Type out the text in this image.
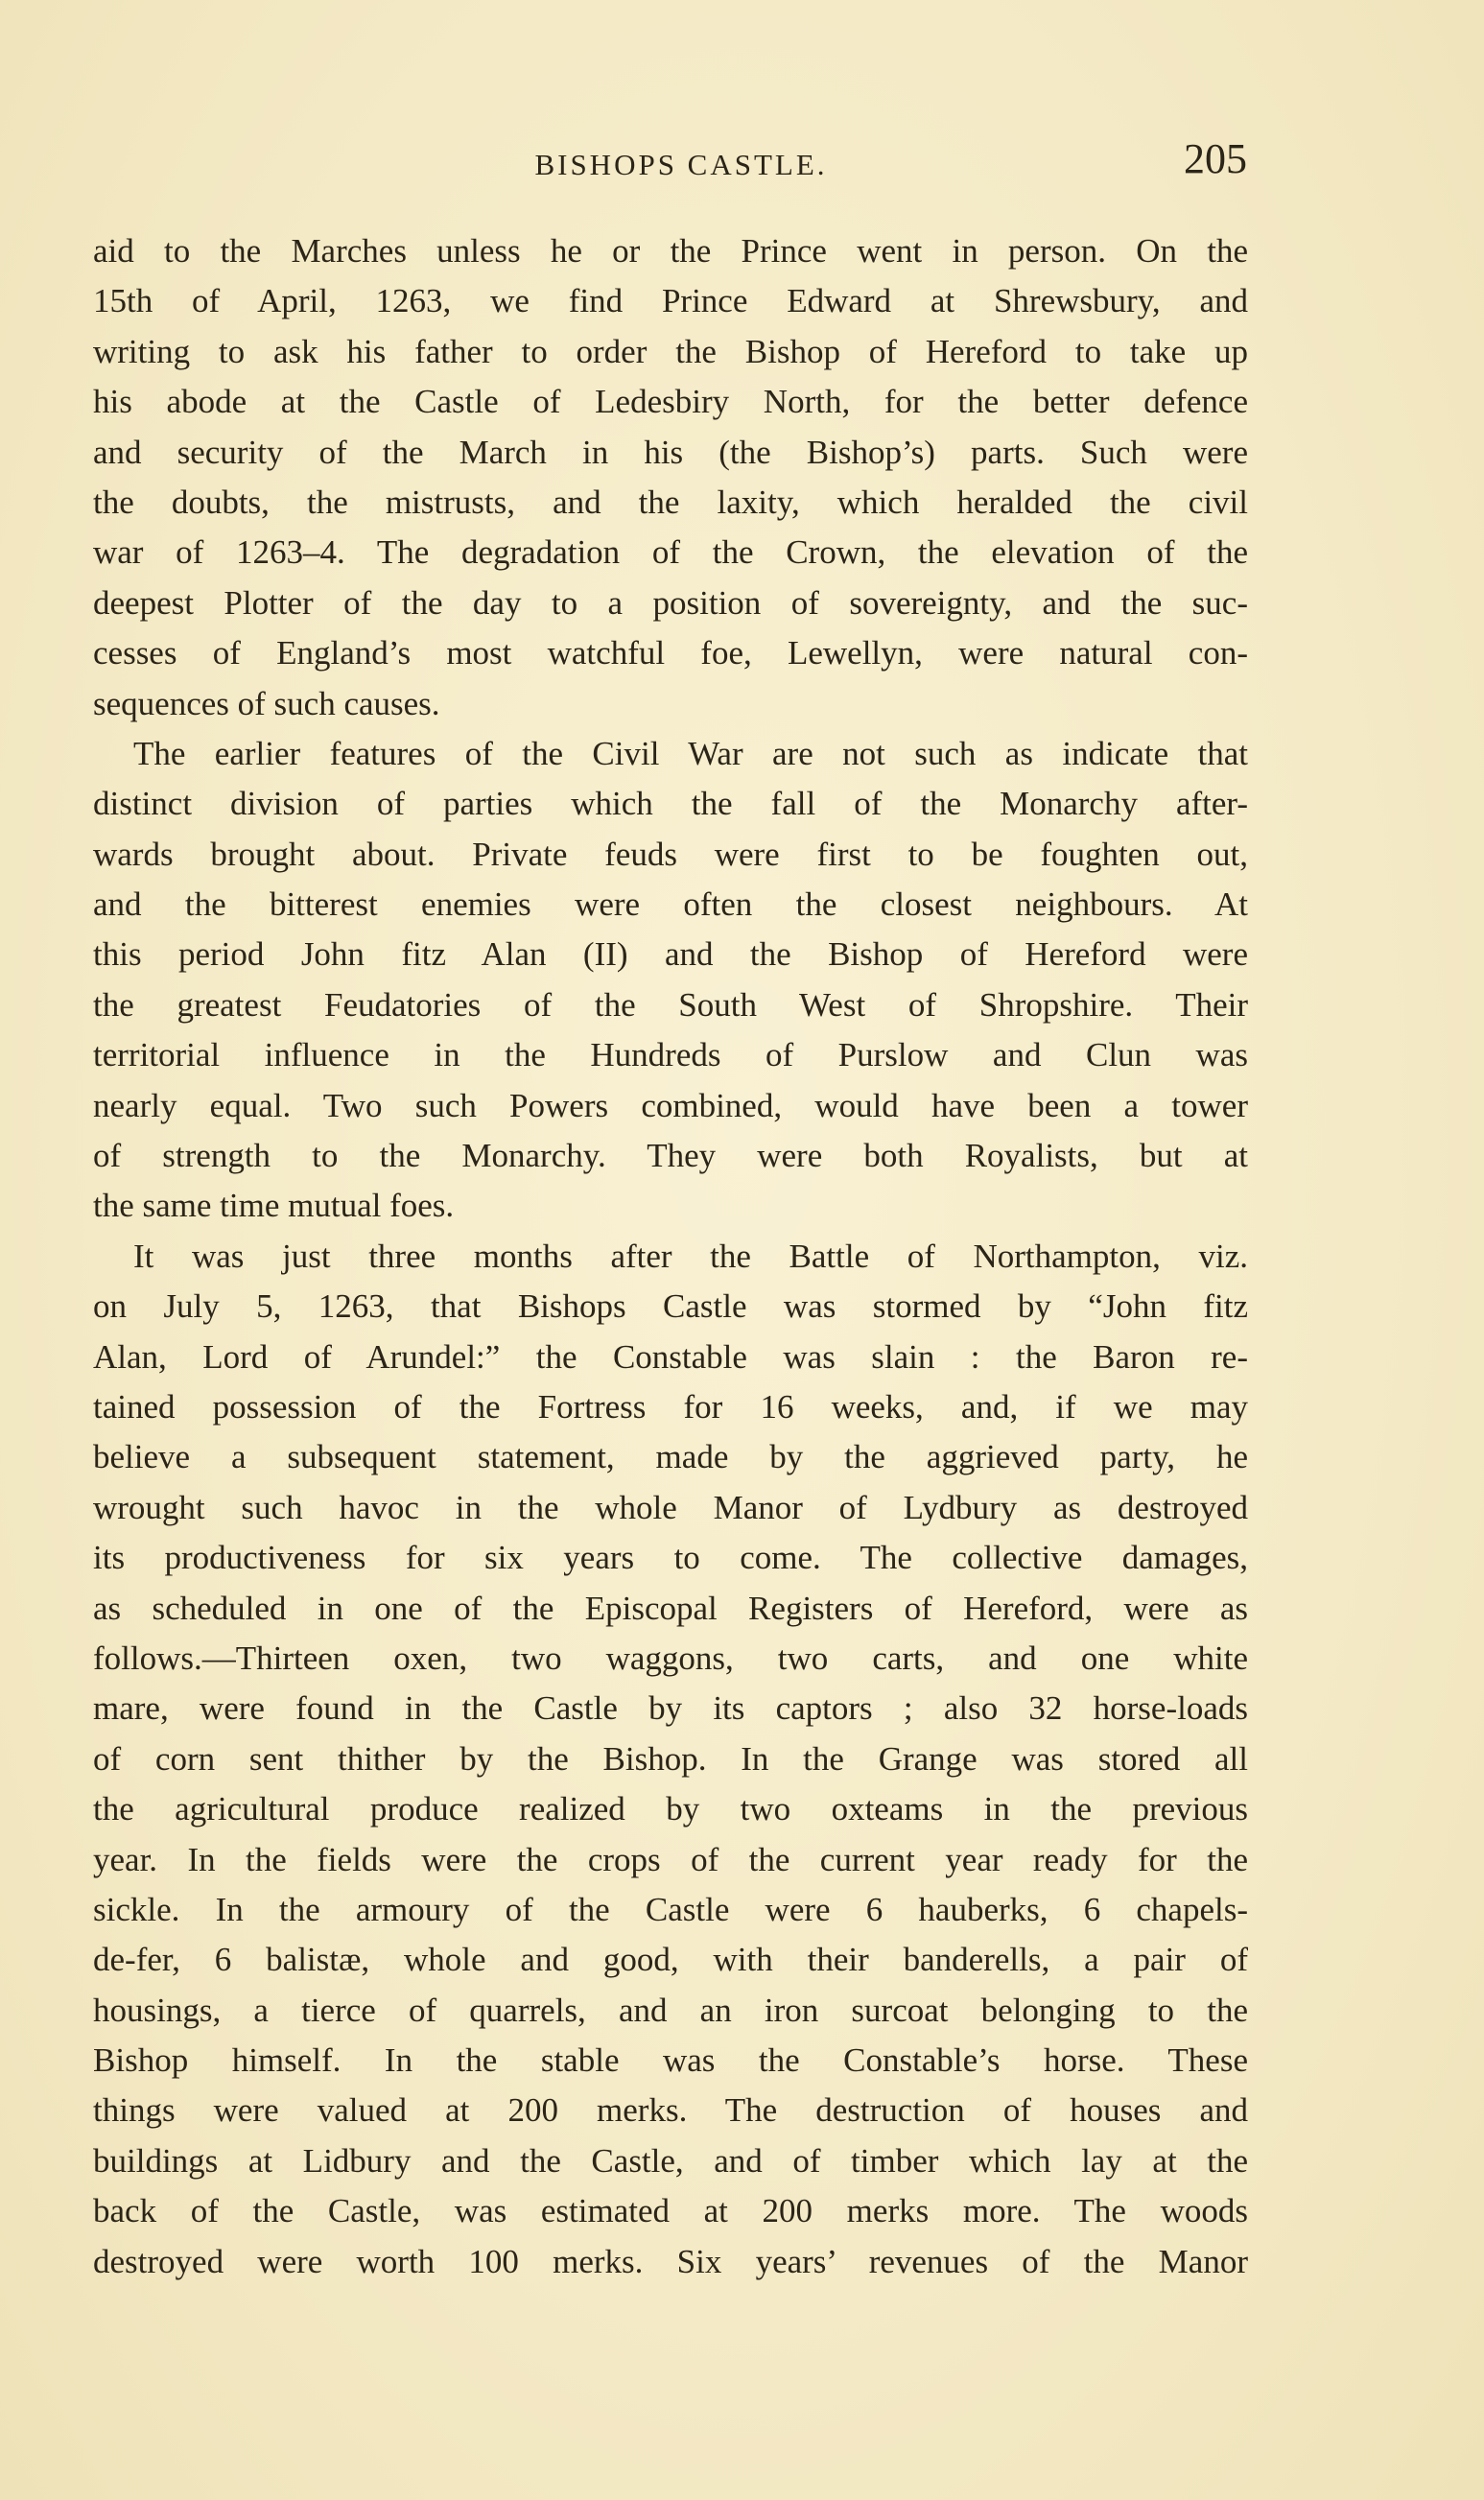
BISHOPS CASTLE.	205
aid to the Marches unless he or the Prince went in person. On the
15th of April, 1263, we find Prince Edward at Shrewsbury, and
writing to ask his father to order the Bishop of Hereford to take up
his abode at the Castle of Ledesbiry North, for the better defence
and security of the March in his (the Bishop’s) parts. Such were
the doubts, the mistrusts, and the laxity, which heralded the civil
war of 1263–4. The degradation of the Crown, the elevation of the
deepest Plotter of the day to a position of sovereignty, and the suc-
cesses of England’s most watchful foe, Lewellyn, were natural con-
sequences of such causes.
The earlier features of the Civil War are not such as indicate that
distinct division of parties which the fall of the Monarchy after-
wards brought about. Private feuds were first to be foughten out,
and the bitterest enemies were often the closest neighbours. At
this period John fitz Alan (II) and the Bishop of Hereford were
the greatest Feudatories of the South West of Shropshire. Their
territorial influence in the Hundreds of Purslow and Clun was
nearly equal. Two such Powers combined, would have been a tower
of strength to the Monarchy. They were both Royalists, but at
the same time mutual foes.
It was just three months after the Battle of Northampton, viz.
on July 5, 1263, that Bishops Castle was stormed by “John fitz
Alan, Lord of Arundel:” the Constable was slain : the Baron re-
tained possession of the Fortress for 16 weeks, and, if we may
believe a subsequent statement, made by the aggrieved party, he
wrought such havoc in the whole Manor of Lydbury as destroyed
its productiveness for six years to come. The collective damages,
as scheduled in one of the Episcopal Registers of Hereford, were as
follows.—Thirteen oxen, two waggons, two carts, and one white
mare, were found in the Castle by its captors ; also 32 horse-loads
of corn sent thither by the Bishop. In the Grange was stored all
the agricultural produce realized by two oxteams in the previous
year. In the fields were the crops of the current year ready for the
sickle. In the armoury of the Castle were 6 hauberks, 6 chapels-
de-fer, 6 balistæ, whole and good, with their banderells, a pair of
housings, a tierce of quarrels, and an iron surcoat belonging to the
Bishop himself. In the stable was the Constable’s horse. These
things were valued at 200 merks. The destruction of houses and
buildings at Lidbury and the Castle, and of timber which lay at the
back of the Castle, was estimated at 200 merks more. The woods
destroyed were worth 100 merks. Six years’ revenues of the Manor
